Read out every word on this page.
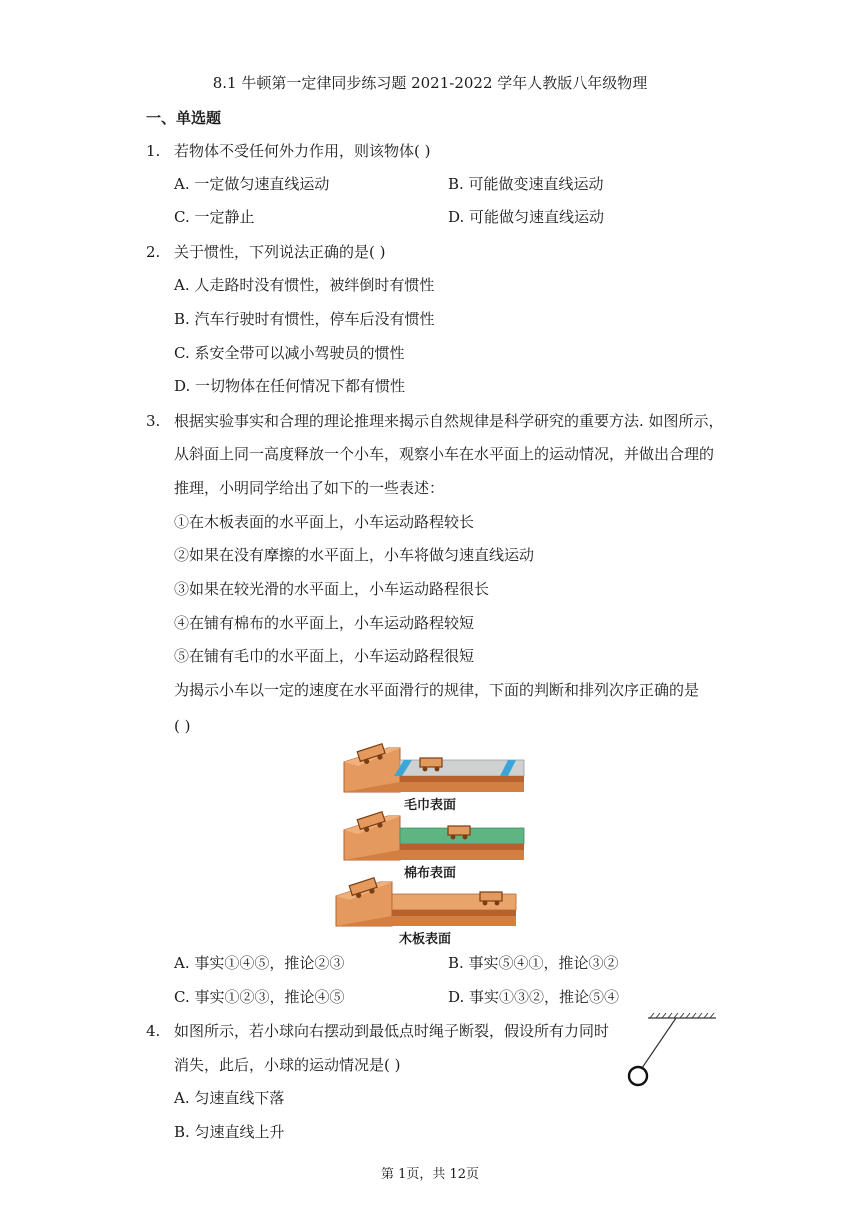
8.1 牛顿第一定律同步练习题 2021-2022 学年人教版八年级物理
一、单选题
1. 若物体不受任何外力作用，则该物体( )
A. 一定做匀速直线运动	B. 可能做变速直线运动
C. 一定静止	D. 可能做匀速直线运动
2. 关于惯性，下列说法正确的是( )
A. 人走路时没有惯性，被绊倒时有惯性
B. 汽车行驶时有惯性，停车后没有惯性
C. 系安全带可以减小驾驶员的惯性
D. 一切物体在任何情况下都有惯性
3. 根据实验事实和合理的理论推理来揭示自然规律是科学研究的重要方法. 如图所示，
从斜面上同一高度释放一个小车，观察小车在水平面上的运动情况，并做出合理的
推理，小明同学给出了如下的一些表述：
①在木板表面的水平面上，小车运动路程较长
②如果在没有摩擦的水平面上，小车将做匀速直线运动
③如果在较光滑的水平面上，小车运动路程很长
④在铺有棉布的水平面上，小车运动路程较短
⑤在铺有毛巾的水平面上，小车运动路程很短
为揭示小车以一定的速度在水平面滑行的规律，下面的判断和排列次序正确的是
( )
毛巾表面
棉布表面
木板表面
A. 事实①④⑤，推论②③	B. 事实⑤④①，推论③②
C. 事实①②③，推论④⑤	D. 事实①③②，推论⑤④
4. 如图所示，若小球向右摆动到最低点时绳子断裂，假设所有力同时
消失，此后，小球的运动情况是( )
A. 匀速直线下落
B. 匀速直线上升
第 1页，共 12页
